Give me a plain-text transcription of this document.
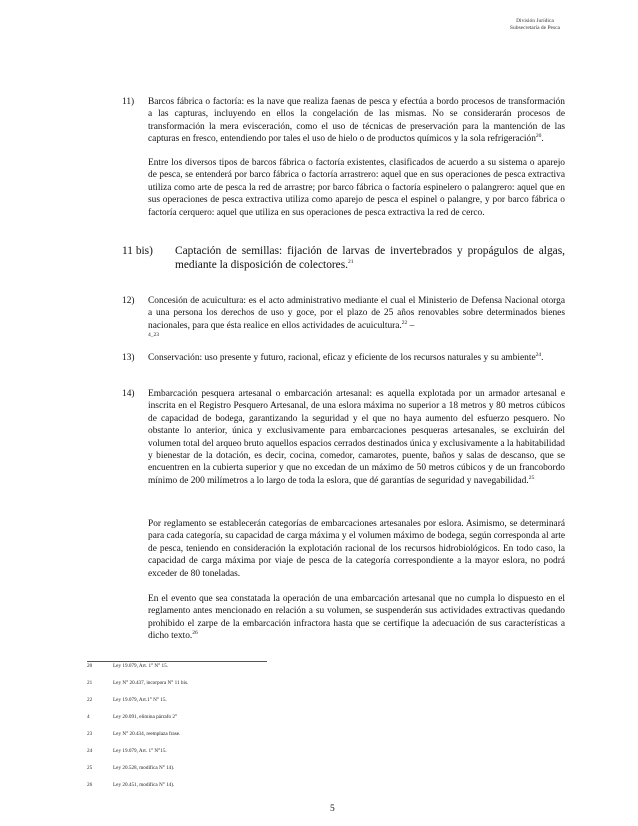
División Jurídica
Subsecretaría de Pesca
11) Barcos fábrica o factoría: es la nave que realiza faenas de pesca y efectúa a bordo procesos de transformación a las capturas, incluyendo en ellos la congelación de las mismas. No se considerarán procesos de transformación la mera evisceración, como el uso de técnicas de preservación para la mantención de las capturas en fresco, entendiendo por tales el uso de hielo o de productos químicos y la sola refrigeración$^{20}$.

Entre los diversos tipos de barcos fábrica o factoría existentes, clasificados de acuerdo a su sistema o aparejo de pesca, se entenderá por barco fábrica o factoría arrastrero: aquel que en sus operaciones de pesca extractiva utiliza como arte de pesca la red de arrastre; por barco fábrica o factoría espinelero o palangrero: aquel que en sus operaciones de pesca extractiva utiliza como aparejo de pesca el espinel o palangre, y por barco fábrica o factoría cerquero: aquel que utiliza en sus operaciones de pesca extractiva la red de cerco.

11 bis) Captación de semillas: fijación de larvas de invertebrados y propágulos de algas, mediante la disposición de colectores.$^{21}$

12) Concesión de acuicultura: es el acto administrativo mediante el cual el Ministerio de Defensa Nacional otorga a una persona los derechos de uso y goce, por el plazo de 25 años renovables sobre determinados bienes nacionales, para que ésta realice en ellos actividades de acuicultura.$^{22}$ –
$^{4\_23}$

13) Conservación: uso presente y futuro, racional, eficaz y eficiente de los recursos naturales y su ambiente$^{24}$.

14) Embarcación pesquera artesanal o embarcación artesanal: es aquella explotada por un armador artesanal e inscrita en el Registro Pesquero Artesanal, de una eslora máxima no superior a 18 metros y 80 metros cúbicos de capacidad de bodega, garantizando la seguridad y el que no haya aumento del esfuerzo pesquero. No obstante lo anterior, única y exclusivamente para embarcaciones pesqueras artesanales, se excluirán del volumen total del arqueo bruto aquellos espacios cerrados destinados única y exclusivamente a la habitabilidad y bienestar de la dotación, es decir, cocina, comedor, camarotes, puente, baños y salas de descanso, que se encuentren en la cubierta superior y que no excedan de un máximo de 50 metros cúbicos y de un francobordo mínimo de 200 milímetros a lo largo de toda la eslora, que dé garantías de seguridad y navegabilidad.$^{25}$

Por reglamento se establecerán categorías de embarcaciones artesanales por eslora. Asimismo, se determinará para cada categoría, su capacidad de carga máxima y el volumen máximo de bodega, según corresponda al arte de pesca, teniendo en consideración la explotación racional de los recursos hidrobiológicos. En todo caso, la capacidad de carga máxima por viaje de pesca de la categoría correspondiente a la mayor eslora, no podrá exceder de 80 toneladas.

En el evento que sea constatada la operación de una embarcación artesanal que no cumpla lo dispuesto en el reglamento antes mencionado en relación a su volumen, se suspenderán sus actividades extractivas quedando prohibido el zarpe de la embarcación infractora hasta que se certifique la adecuación de sus características a dicho texto.$^{26}$

20	Ley 19.079, Art. 1° N° 15.
21	Ley N° 20.437, incorpora N° 11 bis.
22	Ley 19.079, Art.1° N° 15.
4	Ley 20.091, elimina párrafo 2°
23	Ley N° 20.434, reemplaza frase.
24	Ley 19.079, Art. 1° N°15.
25	Ley 20.528, modifica N° 14).
26	Ley 20.451, modifica N° 14).
5
